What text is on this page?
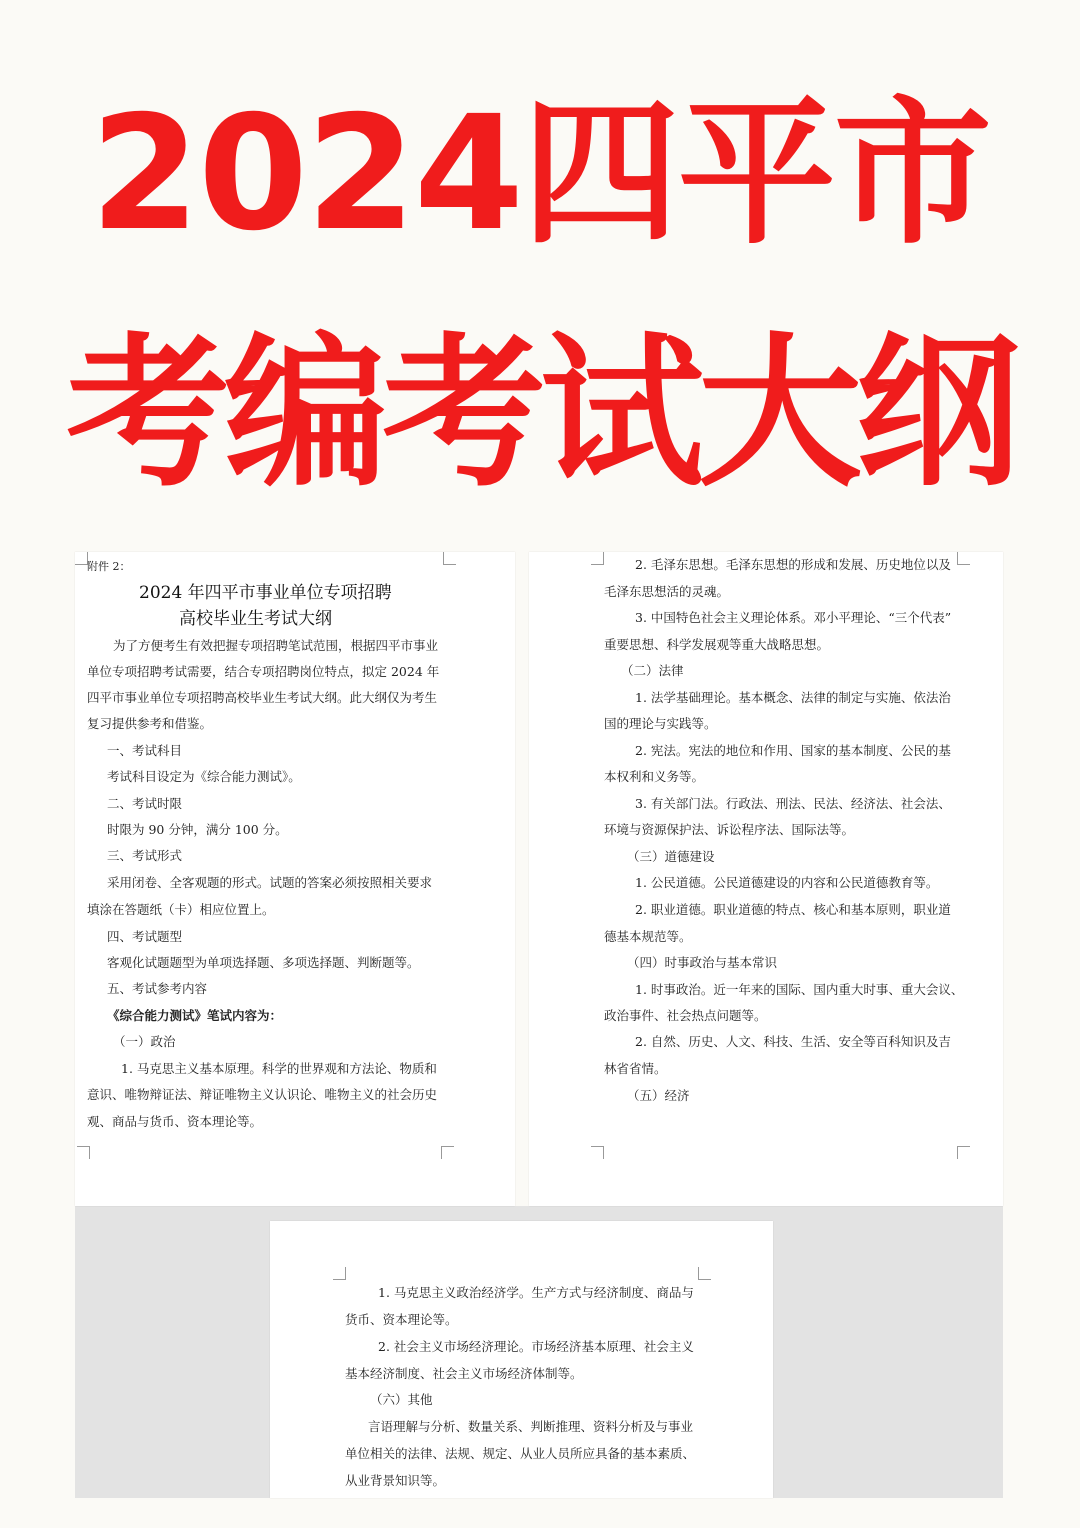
2024四平市
考编考试大纲
附件 2：
2024 年四平市事业单位专项招聘
高校毕业生考试大纲
为了方便考生有效把握专项招聘笔试范围，根据四平市事业
单位专项招聘考试需要，结合专项招聘岗位特点，拟定 2024 年
四平市事业单位专项招聘高校毕业生考试大纲。此大纲仅为考生
复习提供参考和借鉴。
一、考试科目
考试科目设定为《综合能力测试》。
二、考试时限
时限为 90 分钟，满分 100 分。
三、考试形式
采用闭卷、全客观题的形式。试题的答案必须按照相关要求
填涂在答题纸（卡）相应位置上。
四、考试题型
客观化试题题型为单项选择题、多项选择题、判断题等。
五、考试参考内容
《综合能力测试》笔试内容为：
（一）政治
1. 马克思主义基本原理。科学的世界观和方法论、物质和
意识、唯物辩证法、辩证唯物主义认识论、唯物主义的社会历史
观、商品与货币、资本理论等。
2. 毛泽东思想。毛泽东思想的形成和发展、历史地位以及
毛泽东思想活的灵魂。
3. 中国特色社会主义理论体系。邓小平理论、“三个代表”
重要思想、科学发展观等重大战略思想。
（二）法律
1. 法学基础理论。基本概念、法律的制定与实施、依法治
国的理论与实践等。
2. 宪法。宪法的地位和作用、国家的基本制度、公民的基
本权利和义务等。
3. 有关部门法。行政法、刑法、民法、经济法、社会法、
环境与资源保护法、诉讼程序法、国际法等。
（三）道德建设
1. 公民道德。公民道德建设的内容和公民道德教育等。
2. 职业道德。职业道德的特点、核心和基本原则，职业道
德基本规范等。
（四）时事政治与基本常识
1. 时事政治。近一年来的国际、国内重大时事、重大会议、
政治事件、社会热点问题等。
2. 自然、历史、人文、科技、生活、安全等百科知识及吉
林省省情。
（五）经济
1. 马克思主义政治经济学。生产方式与经济制度、商品与
货币、资本理论等。
2. 社会主义市场经济理论。市场经济基本原理、社会主义
基本经济制度、社会主义市场经济体制等。
（六）其他
言语理解与分析、数量关系、判断推理、资料分析及与事业
单位相关的法律、法规、规定、从业人员所应具备的基本素质、
从业背景知识等。
